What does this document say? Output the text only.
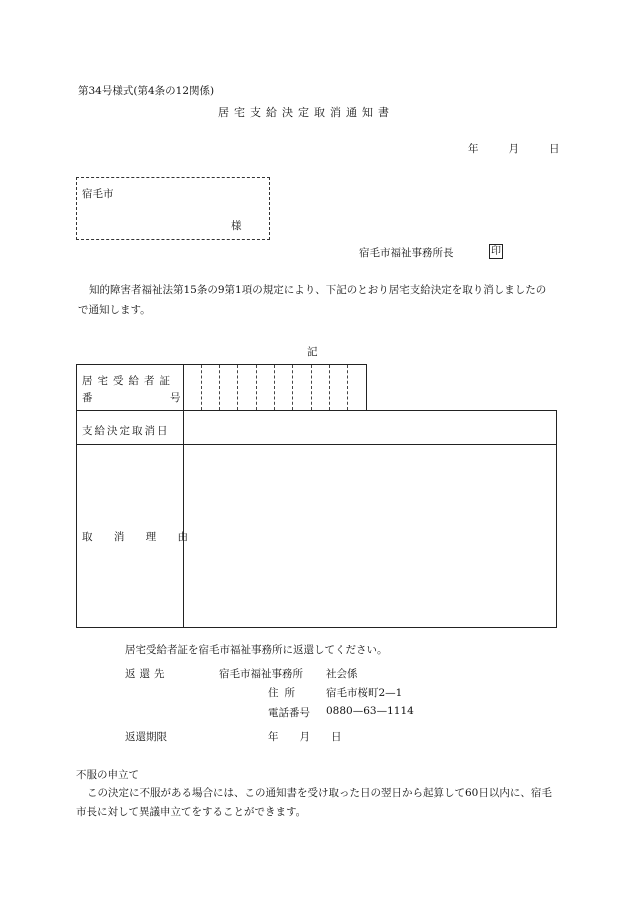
第34号様式(第4条の12関係)
居宅支給決定取消通知書
年	月	日
宿毛市
様
宿毛市福祉事務所長	印
知的障害者福祉法第15条の9第1項の規定により、下記のとおり居宅支給決定を取り消しましたので通知します。
記
居宅受給者証
番	号
支給決定取消日
取 消 理 由
居宅受給者証を宿毛市福祉事務所に返還してください。
返還先	宿毛市福祉事務所 社会係
住所 宿毛市桜町2—1
電話番号 0880—63—1114
返還期限	年　　月　　日
不服の申立て
この決定に不服がある場合には、この通知書を受け取った日の翌日から起算して60日以内に、宿毛市長に対して異議申立てをすることができます。
